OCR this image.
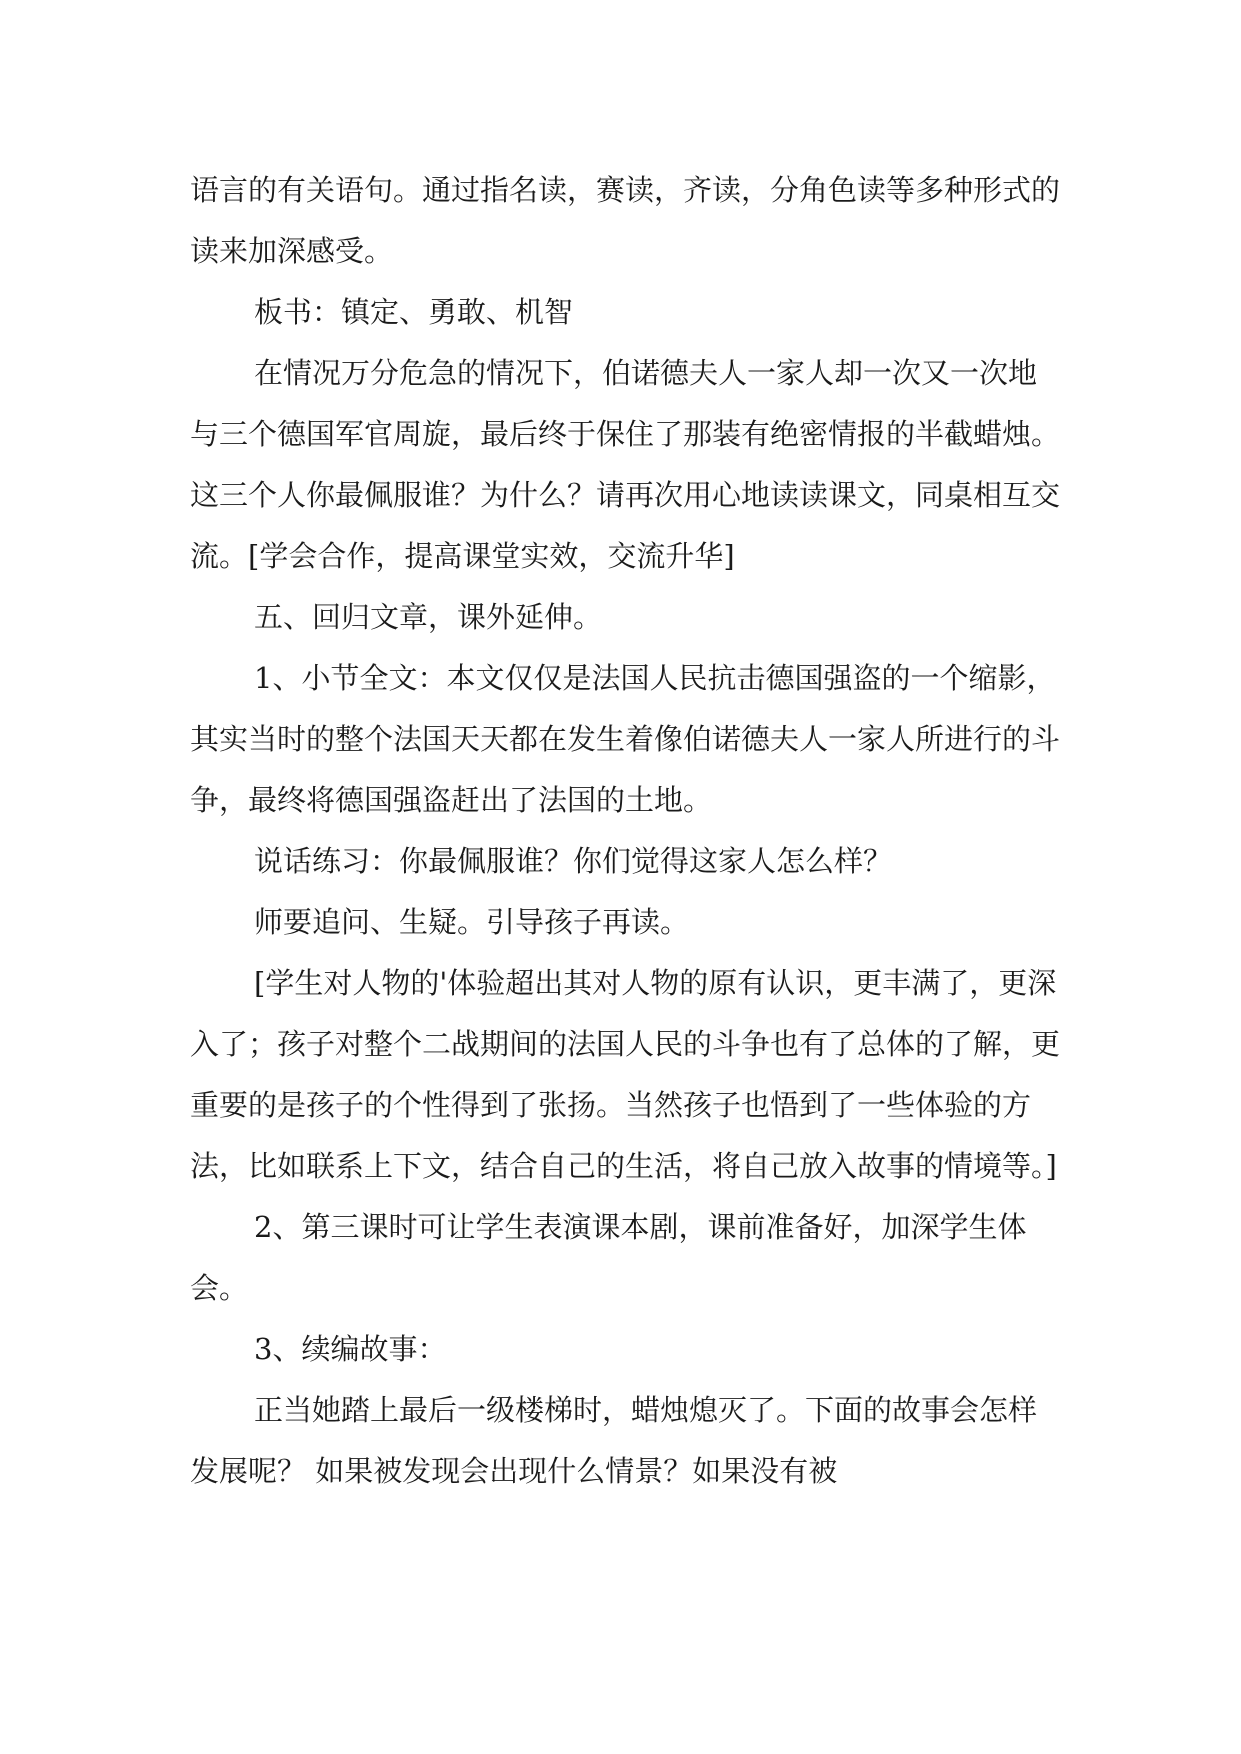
语言的有关语句。通过指名读，赛读，齐读，分角色读等多种形式的读来加深感受。

板书：镇定、勇敢、机智

在情况万分危急的情况下，伯诺德夫人一家人却一次又一次地与三个德国军官周旋，最后终于保住了那装有绝密情报的半截蜡烛。这三个人你最佩服谁？为什么？请再次用心地读读课文，同桌相互交流。[学会合作，提高课堂实效，交流升华]

五、回归文章，课外延伸。

1、小节全文：本文仅仅是法国人民抗击德国强盗的一个缩影，其实当时的整个法国天天都在发生着像伯诺德夫人一家人所进行的斗争，最终将德国强盗赶出了法国的土地。

说话练习：你最佩服谁？你们觉得这家人怎么样？

师要追问、生疑。引导孩子再读。

[学生对人物的'体验超出其对人物的原有认识，更丰满了，更深入了；孩子对整个二战期间的法国人民的斗争也有了总体的了解，更重要的是孩子的个性得到了张扬。当然孩子也悟到了一些体验的方法，比如联系上下文，结合自己的生活，将自己放入故事的情境等。]

2、第三课时可让学生表演课本剧，课前准备好，加深学生体会。

3、续编故事：

正当她踏上最后一级楼梯时，蜡烛熄灭了。下面的故事会怎样发展呢？ 如果被发现会出现什么情景？如果没有被
